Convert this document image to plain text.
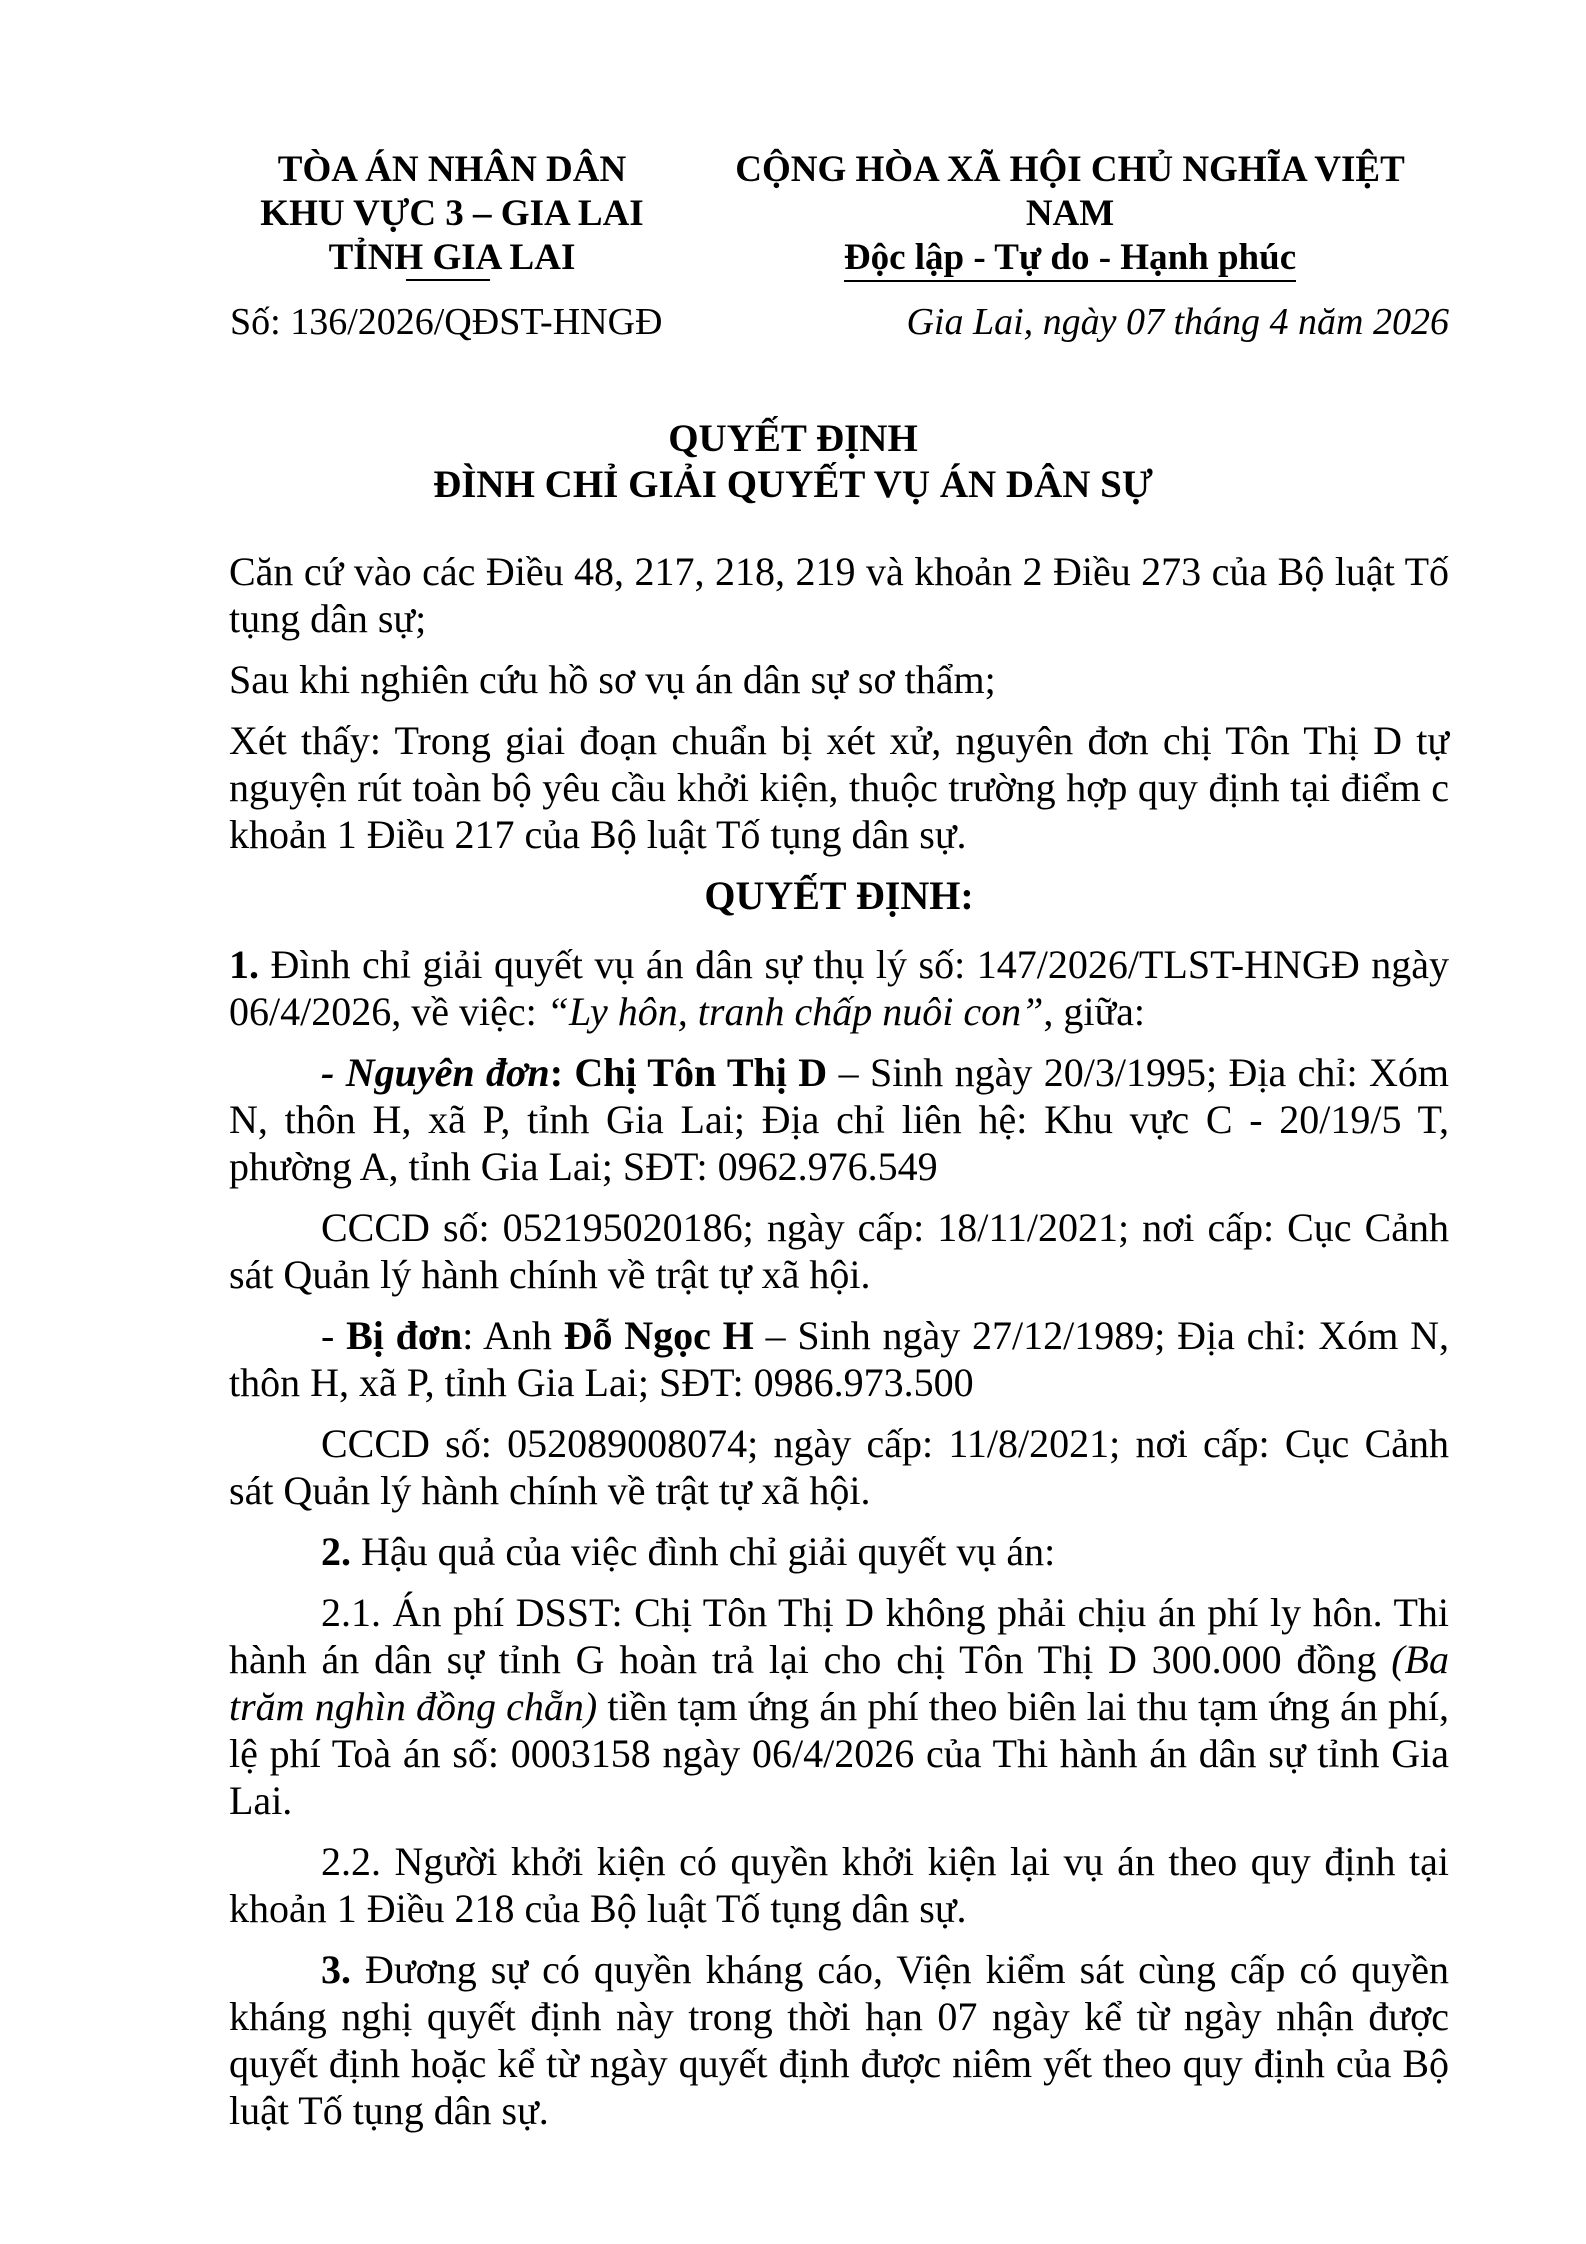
TÒA ÁN NHÂN DÂN
KHU VỰC 3 – GIA LAI
TỈNH GIA LAI
CỘNG HÒA XÃ HỘI CHỦ NGHĨA VIỆT NAM
Độc lập - Tự do - Hạnh phúc
Số: 136/2026/QĐST-HNGĐ	Gia Lai, ngày 07 tháng 4 năm 2026
QUYẾT ĐỊNH
ĐÌNH CHỈ GIẢI QUYẾT VỤ ÁN DÂN SỰ

Căn cứ vào các Điều 48, 217, 218, 219 và khoản 2 Điều 273 của Bộ luật Tố tụng dân sự;

Sau khi nghiên cứu hồ sơ vụ án dân sự sơ thẩm;

Xét thấy: Trong giai đoạn chuẩn bị xét xử, nguyên đơn chị Tôn Thị D tự nguyện rút toàn bộ yêu cầu khởi kiện, thuộc trường hợp quy định tại điểm c khoản 1 Điều 217 của Bộ luật Tố tụng dân sự.

QUYẾT ĐỊNH:

1. Đình chỉ giải quyết vụ án dân sự thụ lý số: 147/2026/TLST-HNGĐ ngày 06/4/2026, về việc: “Ly hôn, tranh chấp nuôi con”, giữa:

- Nguyên đơn: Chị Tôn Thị D – Sinh ngày 20/3/1995; Địa chỉ: Xóm N, thôn H, xã P, tỉnh Gia Lai; Địa chỉ liên hệ: Khu vực C - 20/19/5 T, phường A, tỉnh Gia Lai; SĐT: 0962.976.549

CCCD số: 052195020186; ngày cấp: 18/11/2021; nơi cấp: Cục Cảnh sát Quản lý hành chính về trật tự xã hội.

- Bị đơn: Anh Đỗ Ngọc H – Sinh ngày 27/12/1989; Địa chỉ: Xóm N, thôn H, xã P, tỉnh Gia Lai; SĐT: 0986.973.500

CCCD số: 052089008074; ngày cấp: 11/8/2021; nơi cấp: Cục Cảnh sát Quản lý hành chính về trật tự xã hội.

2. Hậu quả của việc đình chỉ giải quyết vụ án:

2.1. Án phí DSST: Chị Tôn Thị D không phải chịu án phí ly hôn. Thi hành án dân sự tỉnh G hoàn trả lại cho chị Tôn Thị D 300.000 đồng (Ba trăm nghìn đồng chẵn) tiền tạm ứng án phí theo biên lai thu tạm ứng án phí, lệ phí Toà án số: 0003158 ngày 06/4/2026 của Thi hành án dân sự tỉnh Gia Lai.

2.2. Người khởi kiện có quyền khởi kiện lại vụ án theo quy định tại khoản 1 Điều 218 của Bộ luật Tố tụng dân sự.

3. Đương sự có quyền kháng cáo, Viện kiểm sát cùng cấp có quyền kháng nghị quyết định này trong thời hạn 07 ngày kể từ ngày nhận được quyết định hoặc kể từ ngày quyết định được niêm yết theo quy định của Bộ luật Tố tụng dân sự.
